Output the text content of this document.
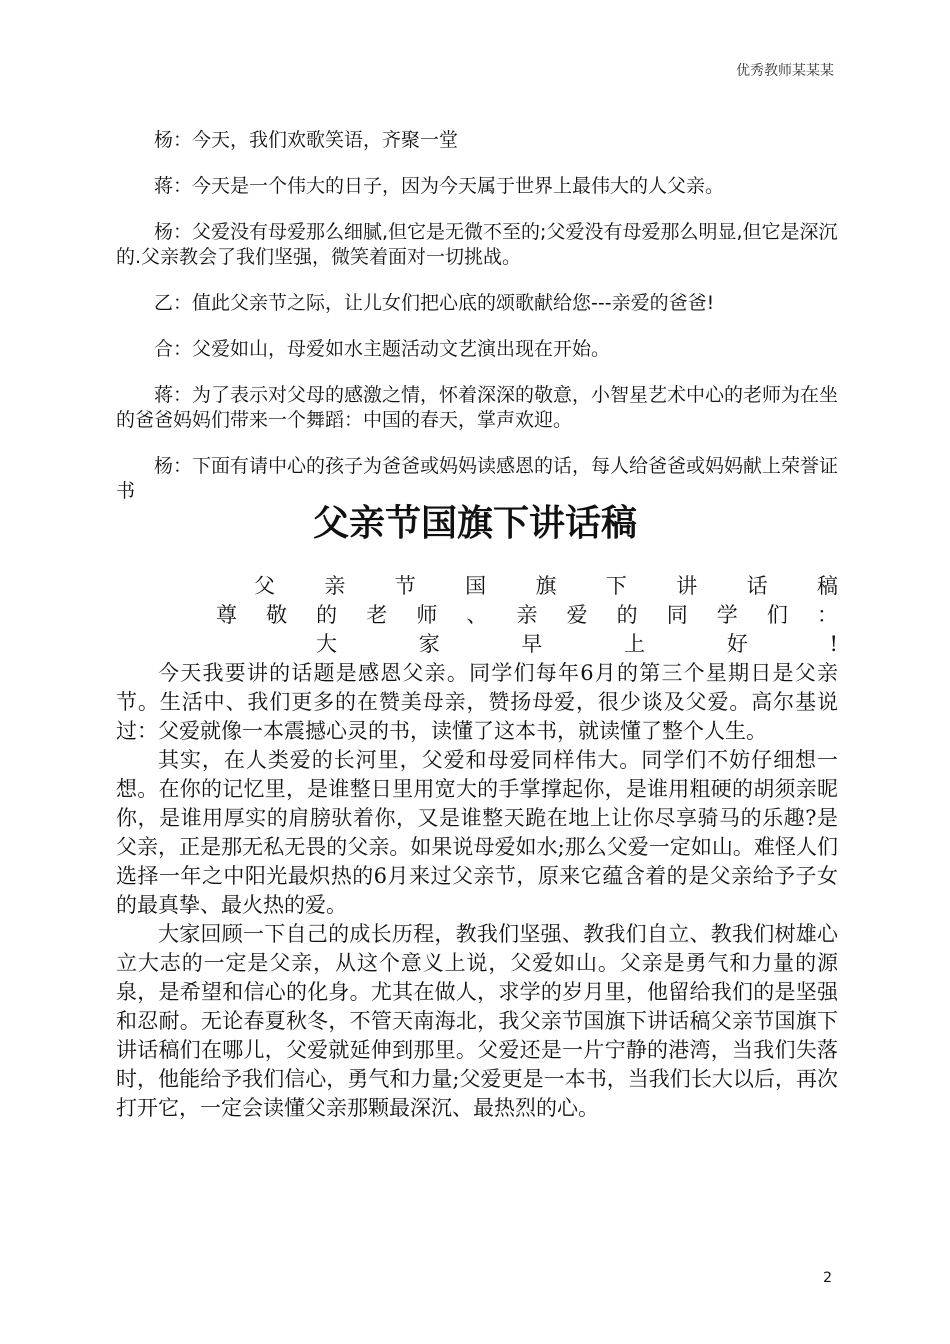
优秀教师某某某

杨：今天，我们欢歌笑语，齐聚一堂

蒋：今天是一个伟大的日子，因为今天属于世界上最伟大的人父亲。

杨：父爱没有母爱那么细腻,但它是无微不至的;父爱没有母爱那么明显,但它是深沉的.父亲教会了我们坚强，微笑着面对一切挑战。

乙：值此父亲节之际，让儿女们把心底的颂歌献给您---亲爱的爸爸!

合：父爱如山，母爱如水主题活动文艺演出现在开始。

蒋：为了表示对父母的感激之情，怀着深深的敬意，小智星艺术中心的老师为在坐的爸爸妈妈们带来一个舞蹈：中国的春天，掌声欢迎。

杨：下面有请中心的孩子为爸爸或妈妈读感恩的话，每人给爸爸或妈妈献上荣誉证书

父亲节国旗下讲话稿
父 亲 节 国 旗 下 讲 话 稿
尊 敬 的 老 师 、 亲 爱 的 同 学 们 ：
大	家	早	上	好	!

今天我要讲的话题是感恩父亲。同学们每年6月的第三个星期日是父亲节。生活中、我们更多的在赞美母亲，赞扬母爱，很少谈及父爱。高尔基说过：父爱就像一本震撼心灵的书，读懂了这本书，就读懂了整个人生。

其实，在人类爱的长河里，父爱和母爱同样伟大。同学们不妨仔细想一想。在你的记忆里，是谁整日里用宽大的手掌撑起你，是谁用粗硬的胡须亲昵你，是谁用厚实的肩膀驮着你，又是谁整天跪在地上让你尽享骑马的乐趣?是父亲，正是那无私无畏的父亲。如果说母爱如水;那么父爱一定如山。难怪人们选择一年之中阳光最炽热的6月来过父亲节，原来它蕴含着的是父亲给予子女的最真挚、最火热的爱。

大家回顾一下自己的成长历程，教我们坚强、教我们自立、教我们树雄心立大志的一定是父亲，从这个意义上说，父爱如山。父亲是勇气和力量的源泉，是希望和信心的化身。尤其在做人，求学的岁月里，他留给我们的是坚强和忍耐。无论春夏秋冬，不管天南海北，我父亲节国旗下讲话稿父亲节国旗下讲话稿们在哪儿，父爱就延伸到那里。父爱还是一片宁静的港湾，当我们失落时，他能给予我们信心，勇气和力量;父爱更是一本书，当我们长大以后，再次打开它，一定会读懂父亲那颗最深沉、最热烈的心。

2
